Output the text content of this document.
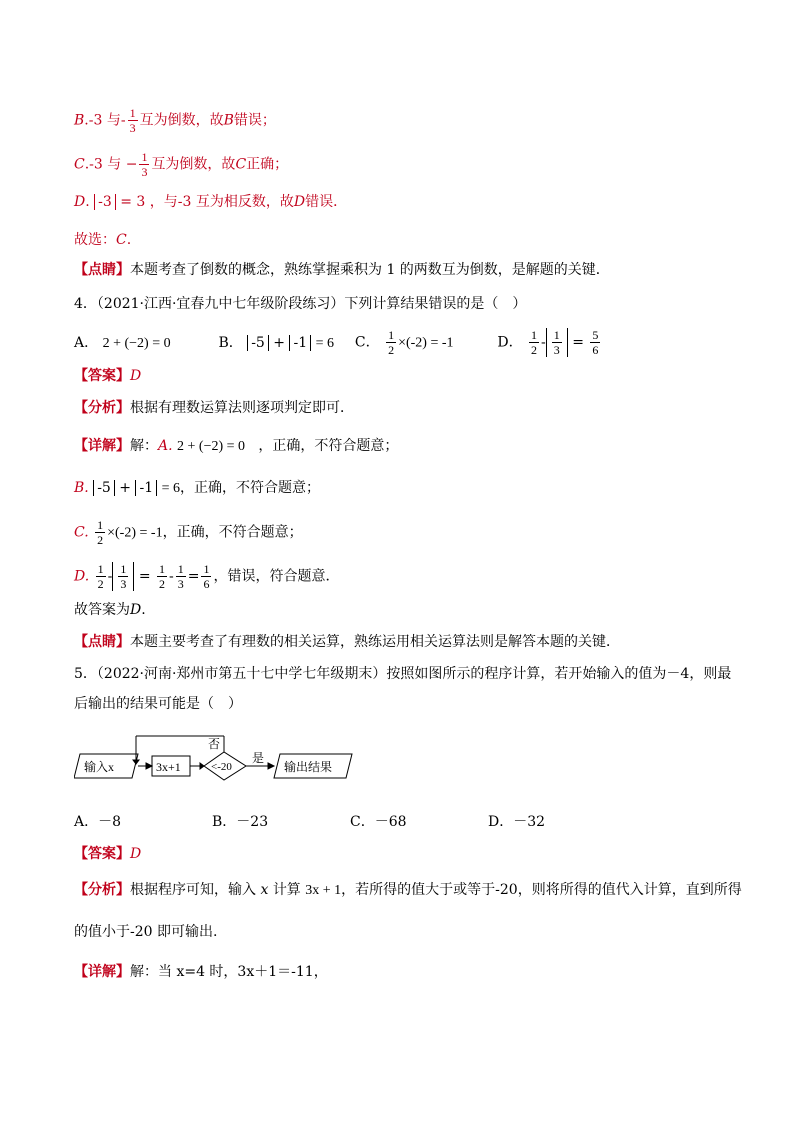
B.-3 与- $\frac{1}{3}$ 互为倒数，故B错误；
C.-3 与 − $\frac{1}{3}$ 互为倒数，故C正确；
D. -3 = 3 ，与-3 互为相反数，故D错误．
故选：C.
【点睛】本题考查了倒数的概念，熟练掌握乘积为 1 的两数互为倒数，是解题的关键．
4．（2021·江西·宜春九中七年级阶段练习）下列计算结果错误的是（　）
A． 2 + (−2) = 0	B． -5 + -1 = 6 C． $\frac{1}{2} \times(-2) = -1$	D． $\frac{1}{2} - \frac{1}{3} = \frac{5}{6}$
【答案】D
【分析】根据有理数运算法则逐项判定即可．
【详解】解：A. 2 + (−2) = 0 ，正确，不符合题意；
B. -5 + -1 = 6，正确，不符合题意；
C. $\frac{1}{2} \times(-2) = -1$，正确，不符合题意；
D. $\frac{1}{2} - \frac{1}{3} = \frac{1}{2} - \frac{1}{3} = \frac{1}{6}$ ，错误，符合题意．
故答案为D.
【点睛】本题主要考查了有理数的相关运算，熟练运用相关运算法则是解答本题的关键．
5．（2022·河南·郑州市第五十七中学七年级期末）按照如图所示的程序计算，若开始输入的值为－4，则最
后输出的结果可能是（　）
输入x	3x+1	<-20
否
是
输出结果
A．－8	B．－23	C．－68	D．－32
【答案】D
【分析】根据程序可知，输入 x 计算 3x + 1，若所得的值大于或等于-20，则将所得的值代入计算，直到所得
的值小于-20 即可输出.
【详解】解：当 x=4 时，3x＋1＝-11，
